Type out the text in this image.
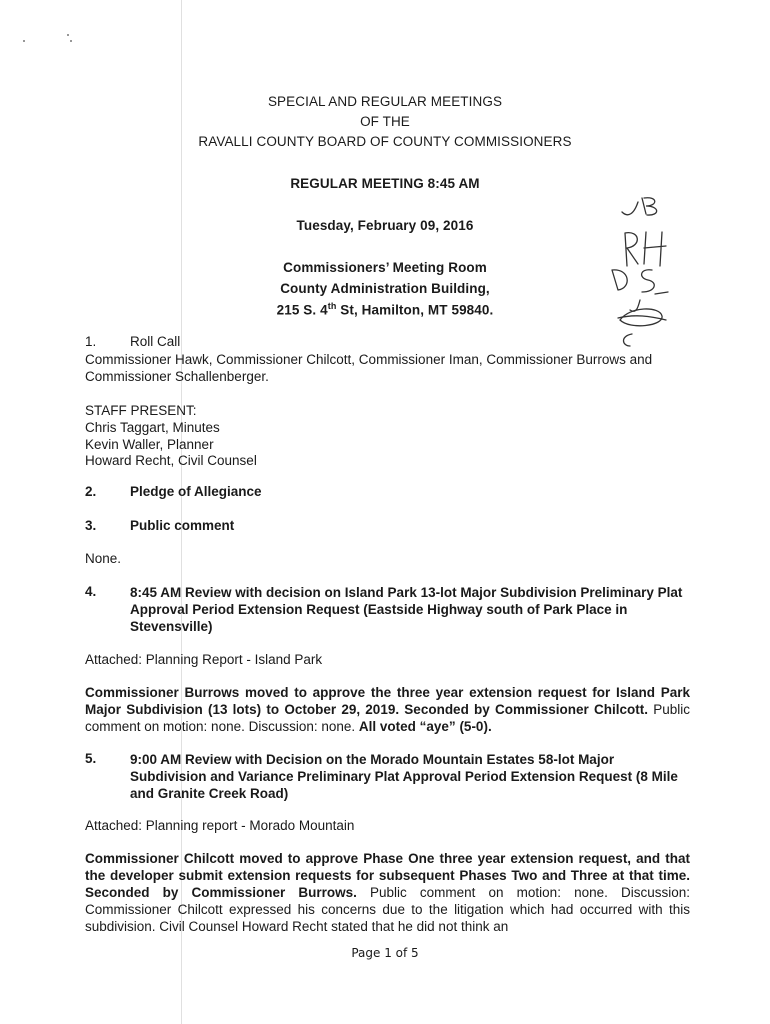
SPECIAL AND REGULAR MEETINGS
OF THE
RAVALLI COUNTY BOARD OF COUNTY COMMISSIONERS
REGULAR MEETING 8:45 AM
Tuesday, February 09, 2016
Commissioners’ Meeting Room
County Administration Building,
215 S. 4th St, Hamilton, MT 59840.
1. Roll Call
Commissioner Hawk, Commissioner Chilcott, Commissioner Iman, Commissioner Burrows and Commissioner Schallenberger.
STAFF PRESENT:
Chris Taggart, Minutes
Kevin Waller, Planner
Howard Recht, Civil Counsel
2. Pledge of Allegiance
3. Public comment
None.
4. 8:45 AM Review with decision on Island Park 13-lot Major Subdivision Preliminary Plat Approval Period Extension Request (Eastside Highway south of Park Place in Stevensville)
Attached: Planning Report - Island Park
Commissioner Burrows moved to approve the three year extension request for Island Park Major Subdivision (13 lots) to October 29, 2019. Seconded by Commissioner Chilcott. Public comment on motion: none. Discussion: none. All voted “aye” (5-0).
5. 9:00 AM Review with Decision on the Morado Mountain Estates 58-lot Major Subdivision and Variance Preliminary Plat Approval Period Extension Request (8 Mile and Granite Creek Road)
Attached: Planning report - Morado Mountain
Commissioner Chilcott moved to approve Phase One three year extension request, and that the developer submit extension requests for subsequent Phases Two and Three at that time. Seconded by Commissioner Burrows. Public comment on motion: none. Discussion: Commissioner Chilcott expressed his concerns due to the litigation which had occurred with this subdivision. Civil Counsel Howard Recht stated that he did not think an
Page 1 of 5
